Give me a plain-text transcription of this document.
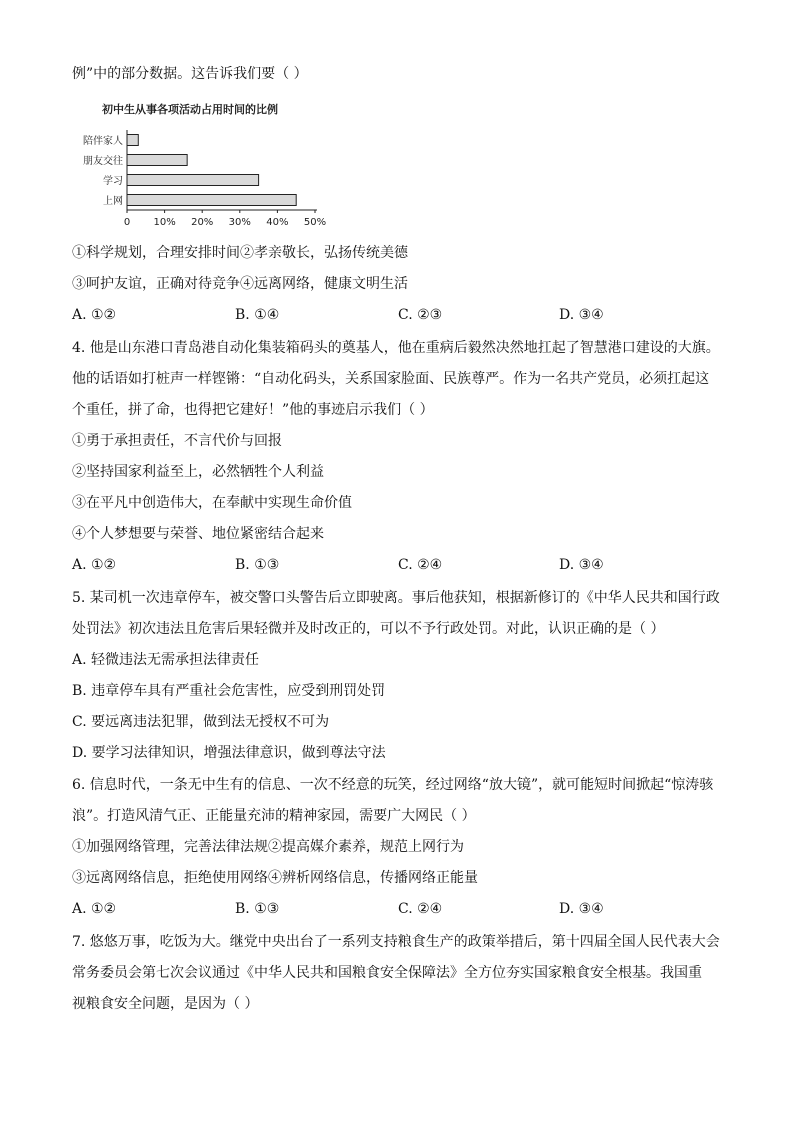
例”中的部分数据。这告诉我们要（ ）
初中生从事各项活动占用时间的比例
陪伴家人
朋友交往
学习
上网
0 10% 20% 30% 40% 50%
①科学规划，合理安排时间②孝亲敬长，弘扬传统美德
③呵护友谊，正确对待竞争④远离网络，健康文明生活
A. ①②	B. ①④	C. ②③	D. ③④
4. 他是山东港口青岛港自动化集装箱码头的奠基人，他在重病后毅然决然地扛起了智慧港口建设的大旗。
他的话语如打桩声一样铿锵：“自动化码头，关系国家脸面、民族尊严。作为一名共产党员，必须扛起这
个重任，拼了命，也得把它建好！”他的事迹启示我们（ ）
①勇于承担责任，不言代价与回报
②坚持国家利益至上，必然牺牲个人利益
③在平凡中创造伟大，在奉献中实现生命价值
④个人梦想要与荣誉、地位紧密结合起来
A. ①②	B. ①③	C. ②④	D. ③④
5. 某司机一次违章停车，被交警口头警告后立即驶离。事后他获知，根据新修订的《中华人民共和国行政
处罚法》初次违法且危害后果轻微并及时改正的，可以不予行政处罚。对此，认识正确的是（ ）
A. 轻微违法无需承担法律责任
B. 违章停车具有严重社会危害性，应受到刑罚处罚
C. 要远离违法犯罪，做到法无授权不可为
D. 要学习法律知识，增强法律意识，做到尊法守法
6. 信息时代，一条无中生有的信息、一次不经意的玩笑，经过网络“放大镜”，就可能短时间掀起“惊涛骇
浪”。打造风清气正、正能量充沛的精神家园，需要广大网民（ ）
①加强网络管理，完善法律法规②提高媒介素养，规范上网行为
③远离网络信息，拒绝使用网络④辨析网络信息，传播网络正能量
A. ①②	B. ①③	C. ②④	D. ③④
7. 悠悠万事，吃饭为大。继党中央出台了一系列支持粮食生产的政策举措后，第十四届全国人民代表大会
常务委员会第七次会议通过《中华人民共和国粮食安全保障法》全方位夯实国家粮食安全根基。我国重
视粮食安全问题，是因为（ ）
